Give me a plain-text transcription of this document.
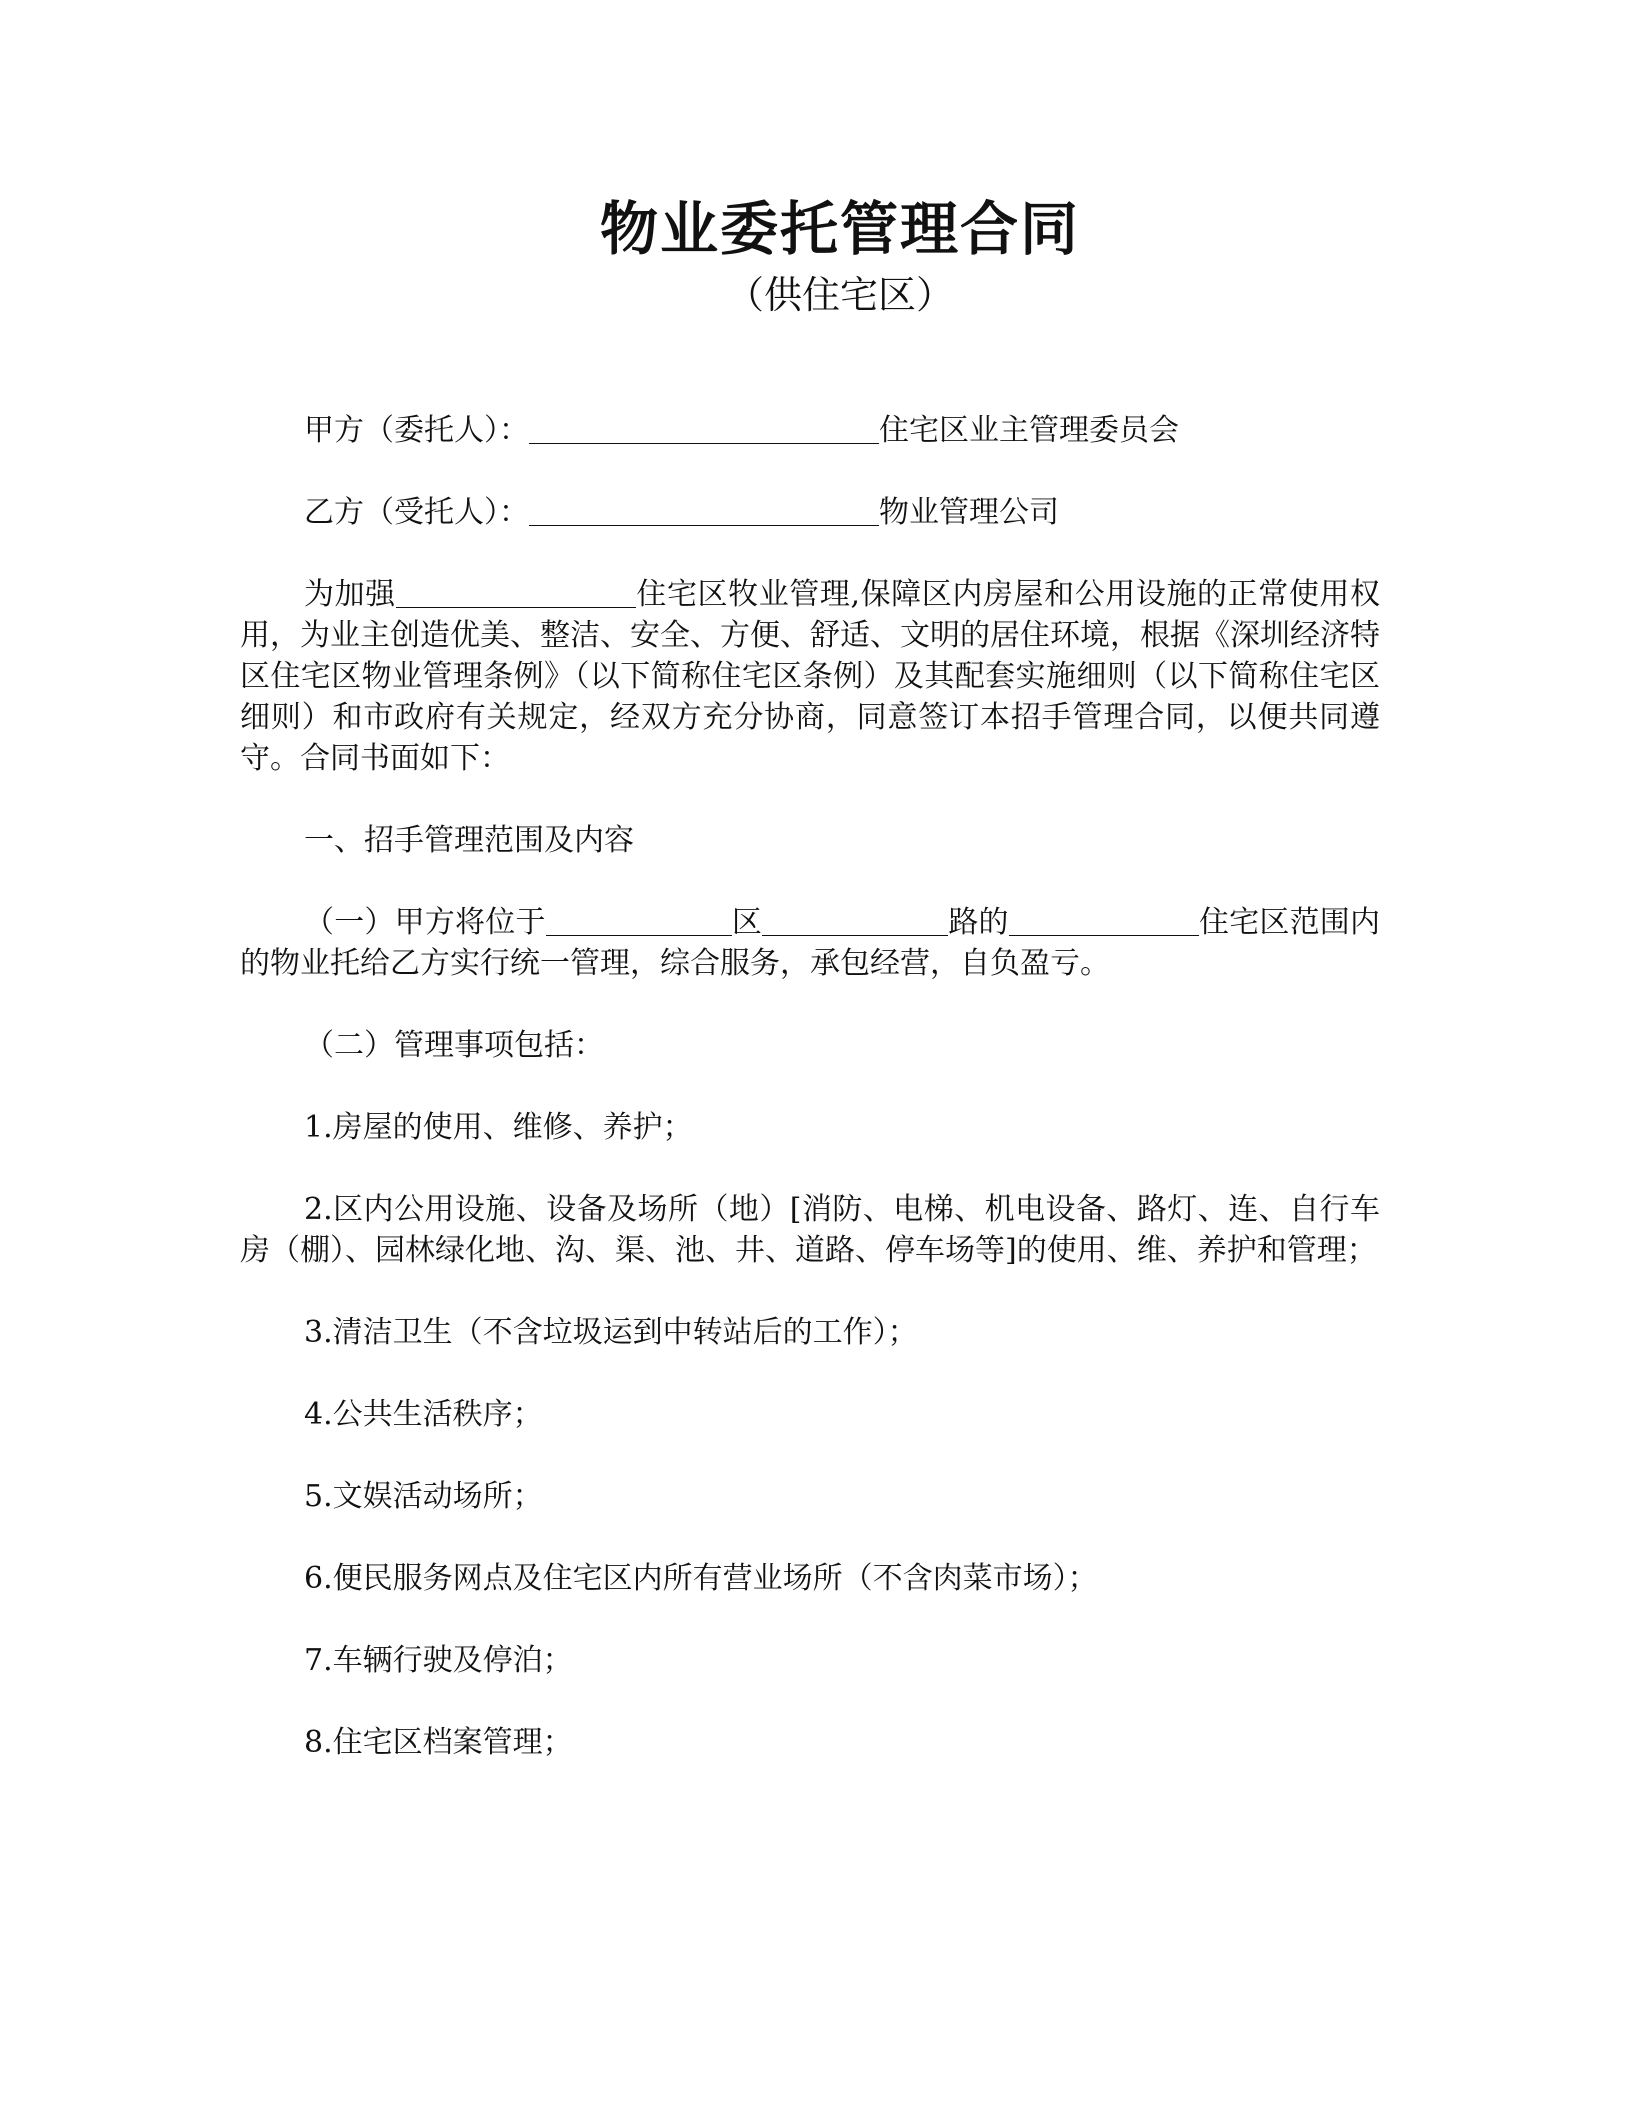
物业委托管理合同
（供住宅区）

甲方（委托人）：	住宅区业主管理委员会

乙方（受托人）：	物业管理公司

为加强	住宅区牧业管理,保障区内房屋和公用设施的正常使用权用，为业主创造优美、整洁、安全、方便、舒适、文明的居住环境，根据《深圳经济特区住宅区物业管理条例》（以下简称住宅区条例）及其配套实施细则（以下简称住宅区细则）和市政府有关规定，经双方充分协商，同意签订本招手管理合同，以便共同遵守。合同书面如下：

一、招手管理范围及内容

（一）甲方将位于	区	路的	住宅区范围内的物业托给乙方实行统一管理，综合服务，承包经营，自负盈亏。

（二）管理事项包括：

1.房屋的使用、维修、养护；

2.区内公用设施、设备及场所（地）[消防、电梯、机电设备、路灯、连、自行车房（棚）、园林绿化地、沟、渠、池、井、道路、停车场等]的使用、维、养护和管理；

3.清洁卫生（不含垃圾运到中转站后的工作）；

4.公共生活秩序；

5.文娱活动场所；

6.便民服务网点及住宅区内所有营业场所（不含肉菜市场）；

7.车辆行驶及停泊；

8.住宅区档案管理；
